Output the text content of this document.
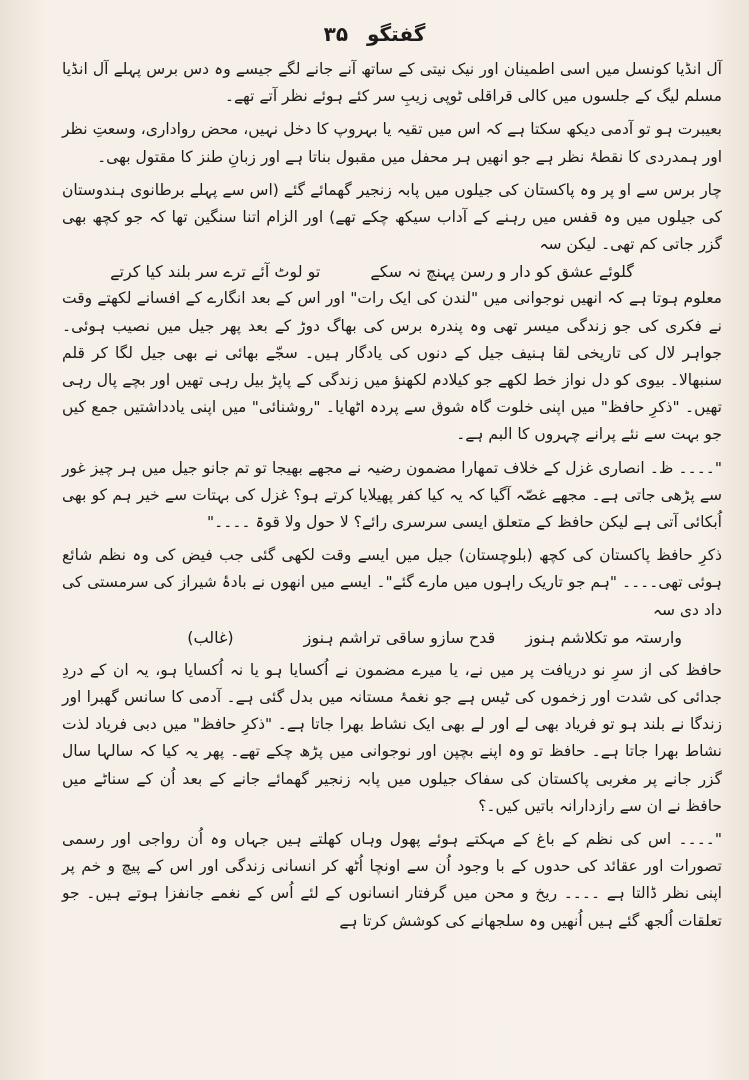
گفتگو ۳۵

آل انڈیا کونسل میں اسی اطمینان اور نیک نیتی کے ساتھ آنے جانے لگے جیسے وہ دس برس پہلے آل انڈیا مسلم لیگ کے جلسوں میں کالی قراقلی ٹوپی زیبِ سر کئے ہوئے نظر آتے تھے۔

بعیبرت ہو تو آدمی دیکھ سکتا ہے کہ اس میں تقیہ یا بہروپ کا دخل نہیں، محض رواداری، وسعتِ نظر اور ہمدردی کا نقطۂ نظر ہے جو انھیں ہر محفل میں مقبول بناتا ہے اور زبانِ طنز کا مقتول بھی۔

چار برس سے او پر وہ پاکستان کی جیلوں میں پابہ زنجیر گھمائے گئے (اس سے پہلے برطانوی ہندوستان کی جیلوں میں وہ قفس میں رہنے کے آداب سیکھ چکے تھے) اور الزام اتنا سنگین تھا کہ جو کچھ بھی گزر جاتی کم تھی۔ لیکن سہ

گلوئے عشق کو دار و رسن پہنچ نہ سکے
تو لوٹ آئے ترے سر بلند کیا کرتے

معلوم ہوتا ہے کہ انھیں نوجوانی میں "لندن کی ایک رات" اور اس کے بعد انگارے کے افسانے لکھتے وقت نے فکری کی جو زندگی میسر تھی وہ پندرہ برس کی بھاگ دوڑ کے بعد پھر جیل میں نصیب ہوئی۔ جواہر لال کی تاریخی لقا ہنیف جیل کے دنوں کی یادگار ہیں۔ سجّے بھائی نے بھی جیل لگا کر قلم سنبھالا۔ بیوی کو دل نواز خط لکھے جو کیلادم لکھنؤ میں زندگی کے پاپڑ بیل رہی تھیں اور بچے پال رہی تھیں۔ "ذکرِ حافظ" میں اپنی خلوت گاہ شوق سے پردہ اٹھایا۔ "روشنائی" میں اپنی یادداشتیں جمع کیں جو بہت سے نئے پرانے چہروں کا البم ہے۔

"۔۔۔۔ ظ۔ انصاری غزل کے خلاف تمھارا مضمون رضیہ نے مجھے بھیجا تو تم جانو جیل میں ہر چیز غور سے پڑھی جاتی ہے۔ مجھے غصّہ آگیا کہ یہ کیا کفر پھیلایا کرتے ہو؟ غزل کی بہتات سے خیر ہم کو بھی اُبکائی آتی ہے لیکن حافظ کے متعلق ایسی سرسری رائے؟ لا حول ولا قوۃ ۔۔۔۔"

ذکرِ حافظ پاکستان کی کچھ (بلوچستان) جیل میں ایسے وقت لکھی گئی جب فیض کی وہ نظم شائع ہوئی تھی۔۔۔۔ "ہم جو تاریک راہوں میں مارے گئے"۔ ایسے میں انھوں نے بادۂ شیراز کی سرمستی کی داد دی سہ

وارستہ مو تکلاشم ہنوز
قدح سازو ساقی تراشم ہنوز
(غالب)

حافظ کی از سرِ نو دریافت پر میں نے، یا میرے مضمون نے اُکسایا ہو یا نہ اُکسایا ہو، یہ ان کے دردِ جدائی کی شدت اور زخموں کی ٹیس ہے جو نغمۂ مستانہ میں بدل گئی ہے۔ آدمی کا سانس گھبرا اور زندگا نے بلند ہو تو فریاد بھی لے اور لے بھی ایک نشاط بھرا جاتا ہے۔ "ذکرِ حافظ" میں دبی فریاد لذت نشاط بھرا جاتا ہے۔ حافظ تو وہ اپنے بچپن اور نوجوانی میں پڑھ چکے تھے۔ پھر یہ کیا کہ سالہا سال گزر جانے پر مغربی پاکستان کی سفاک جیلوں میں پابہ زنجیر گھمائے جانے کے بعد اُن کے سناٹے میں حافظ نے ان سے رازدارانہ باتیں کیں۔؟

"۔۔۔۔ اس کی نظم کے باغ کے مہکتے ہوئے پھول وہاں کھلتے ہیں جہاں وہ اُن رواجی اور رسمی تصورات اور عقائد کی حدوں کے با وجود اُن سے اونچا اُٹھ کر انسانی زندگی اور اس کے پیچ و خم پر اپنی نظر ڈالتا ہے ۔۔۔۔ ریخ و محن میں گرفتار انسانوں کے لئے اُس کے نغمے جانفزا ہوتے ہیں۔ جو تعلقات اُلجھ گئے ہیں اُنھیں وہ سلجھانے کی کوشش کرتا ہے
